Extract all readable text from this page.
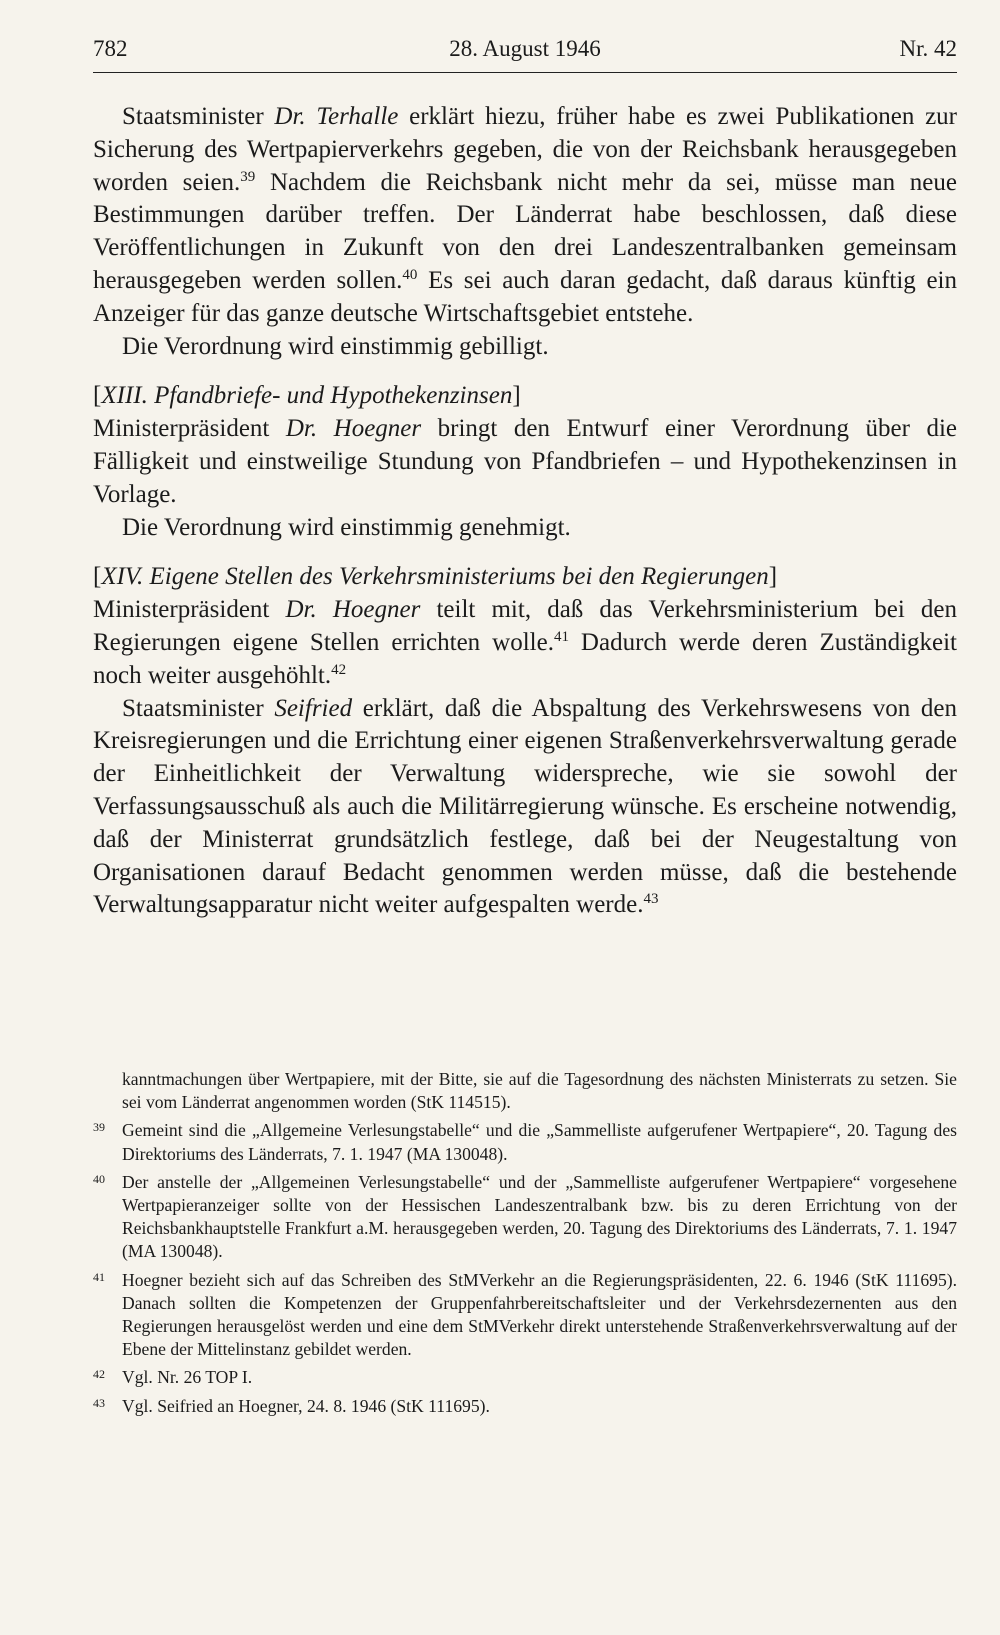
782	28. August 1946	Nr. 42

Staatsminister Dr. Terhalle erklärt hiezu, früher habe es zwei Publikationen zur Sicherung des Wertpapierverkehrs gegeben, die von der Reichsbank herausgegeben worden seien.$^{39}$ Nachdem die Reichsbank nicht mehr da sei, müsse man neue Bestimmungen darüber treffen. Der Länderrat habe beschlossen, daß diese Veröffentlichungen in Zukunft von den drei Landeszentralbanken gemeinsam herausgegeben werden sollen.$^{40}$ Es sei auch daran gedacht, daß daraus künftig ein Anzeiger für das ganze deutsche Wirtschaftsgebiet entstehe.

Die Verordnung wird einstimmig gebilligt.

[XIII. Pfandbriefe- und Hypothekenzinsen]

Ministerpräsident Dr. Hoegner bringt den Entwurf einer Verordnung über die Fälligkeit und einstweilige Stundung von Pfandbriefen – und Hypothekenzinsen in Vorlage.

Die Verordnung wird einstimmig genehmigt.

[XIV. Eigene Stellen des Verkehrsministeriums bei den Regierungen]

Ministerpräsident Dr. Hoegner teilt mit, daß das Verkehrsministerium bei den Regierungen eigene Stellen errichten wolle.$^{41}$ Dadurch werde deren Zuständigkeit noch weiter ausgehöhlt.$^{42}$

Staatsminister Seifried erklärt, daß die Abspaltung des Verkehrswesens von den Kreisregierungen und die Errichtung einer eigenen Straßenverkehrsverwaltung gerade der Einheitlichkeit der Verwaltung widerspreche, wie sie sowohl der Verfassungsausschuß als auch die Militärregierung wünsche. Es erscheine notwendig, daß der Ministerrat grundsätzlich festlege, daß bei der Neugestaltung von Organisationen darauf Bedacht genommen werden müsse, daß die bestehende Verwaltungsapparatur nicht weiter aufgespalten werde.$^{43}$

kanntmachungen über Wertpapiere, mit der Bitte, sie auf die Tagesordnung des nächsten Ministerrats zu setzen. Sie sei vom Länderrat angenommen worden (StK 114515).
39 Gemeint sind die „Allgemeine Verlesungstabelle“ und die „Sammelliste aufgerufener Wertpapiere“, 20. Tagung des Direktoriums des Länderrats, 7. 1. 1947 (MA 130048).
40 Der anstelle der „Allgemeinen Verlesungstabelle“ und der „Sammelliste aufgerufener Wertpapiere“ vorgesehene Wertpapieranzeiger sollte von der Hessischen Landeszentralbank bzw. bis zu deren Errichtung von der Reichsbankhauptstelle Frankfurt a.M. herausgegeben werden, 20. Tagung des Direktoriums des Länderrats, 7. 1. 1947 (MA 130048).
41 Hoegner bezieht sich auf das Schreiben des StMVerkehr an die Regierungspräsidenten, 22. 6. 1946 (StK 111695). Danach sollten die Kompetenzen der Gruppenfahrbereitschaftsleiter und der Verkehrsdezernenten aus den Regierungen herausgelöst werden und eine dem StMVerkehr direkt unterstehende Straßenverkehrsverwaltung auf der Ebene der Mittelinstanz gebildet werden.
42 Vgl. Nr. 26 TOP I.
43 Vgl. Seifried an Hoegner, 24. 8. 1946 (StK 111695).
